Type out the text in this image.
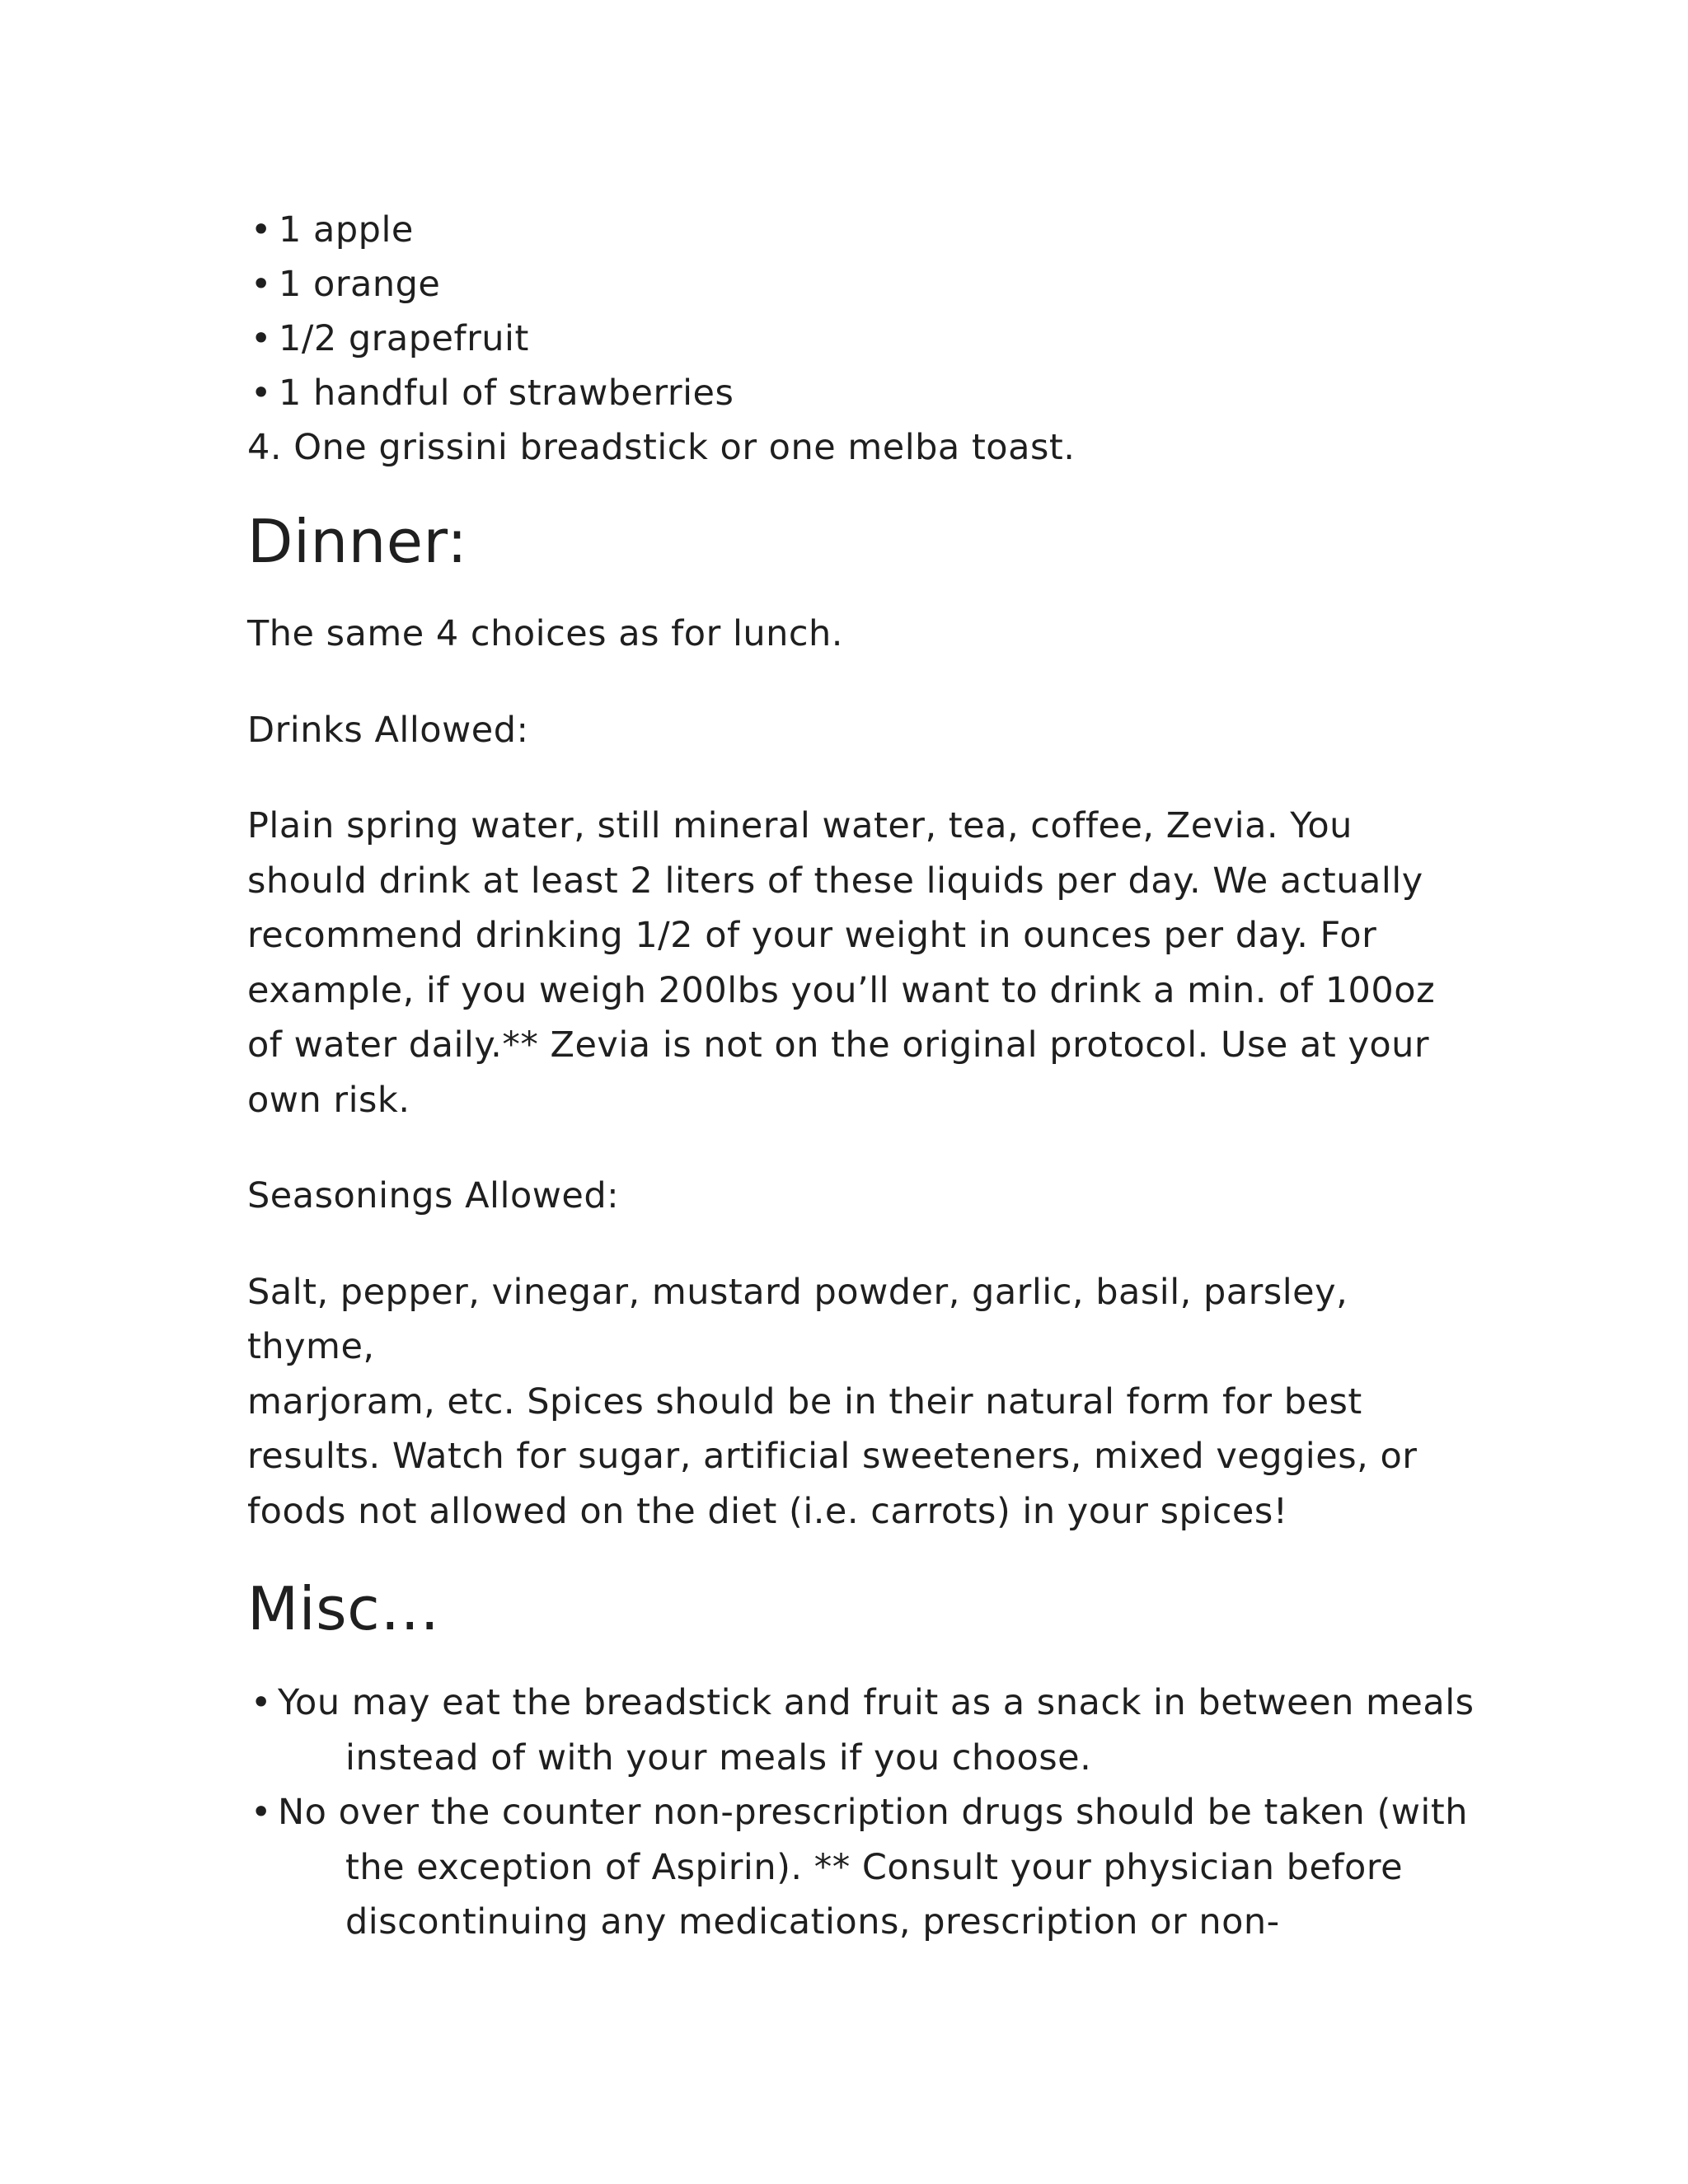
• 1 apple
• 1 orange
• 1/2 grapefruit
• 1 handful of strawberries
4. One grissini breadstick or one melba toast.
Dinner:

The same 4 choices as for lunch.

Drinks Allowed:

Plain spring water, still mineral water, tea, coffee, Zevia. You
should drink at least 2 liters of these liquids per day. We actually
recommend drinking 1/2 of your weight in ounces per day. For
example, if you weigh 200lbs you’ll want to drink a min. of 100oz
of water daily.** Zevia is not on the original protocol. Use at your
own risk.

Seasonings Allowed:

Salt, pepper, vinegar, mustard powder, garlic, basil, parsley, thyme,
marjoram, etc. Spices should be in their natural form for best
results. Watch for sugar, artificial sweeteners, mixed veggies, or
foods not allowed on the diet (i.e. carrots) in your spices!
Misc…
• You may eat the breadstick and fruit as a snack in between meals
instead of with your meals if you choose.
• No over the counter non-prescription drugs should be taken (with
the exception of Aspirin). ** Consult your physician before
discontinuing any medications, prescription or non-
